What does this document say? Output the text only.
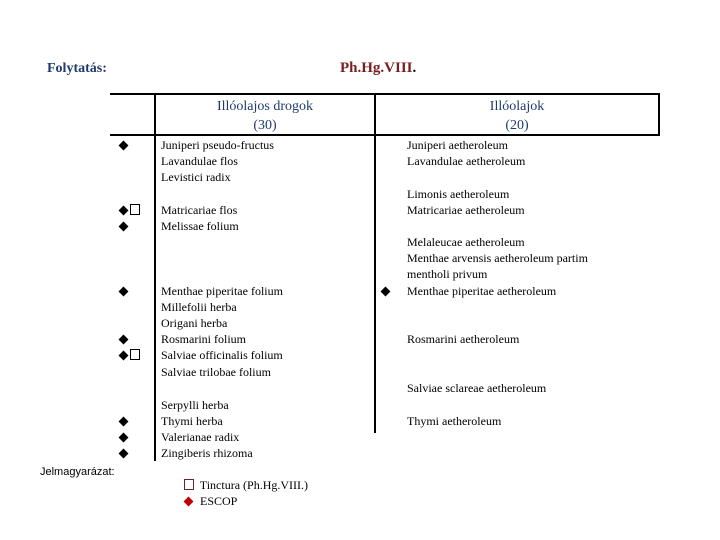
Folytatás:	Ph.Hg.VIII.
Illóolajos drogok
(30)
Illóolajok
(20)
Juniperi pseudo-fructus
Lavandulae flos
Levistici radix
Matricariae flos
Melissae folium
Menthae piperitae folium
Millefolii herba
Origani herba
Rosmarini folium
Salviae officinalis folium
Salviae trilobae folium
Serpylli herba
Thymi herba
Valerianae radix
Zingiberis rhizoma
Juniperi aetheroleum
Lavandulae aetheroleum
Limonis aetheroleum
Matricariae aetheroleum
Melaleucae aetheroleum
Menthae arvensis aetheroleum partim
mentholi privum
Menthae piperitae aetheroleum
Rosmarini aetheroleum
Salviae sclareae aetheroleum
Thymi aetheroleum
Jelmagyarázat:
Tinctura (Ph.Hg.VIII.)
ESCOP
